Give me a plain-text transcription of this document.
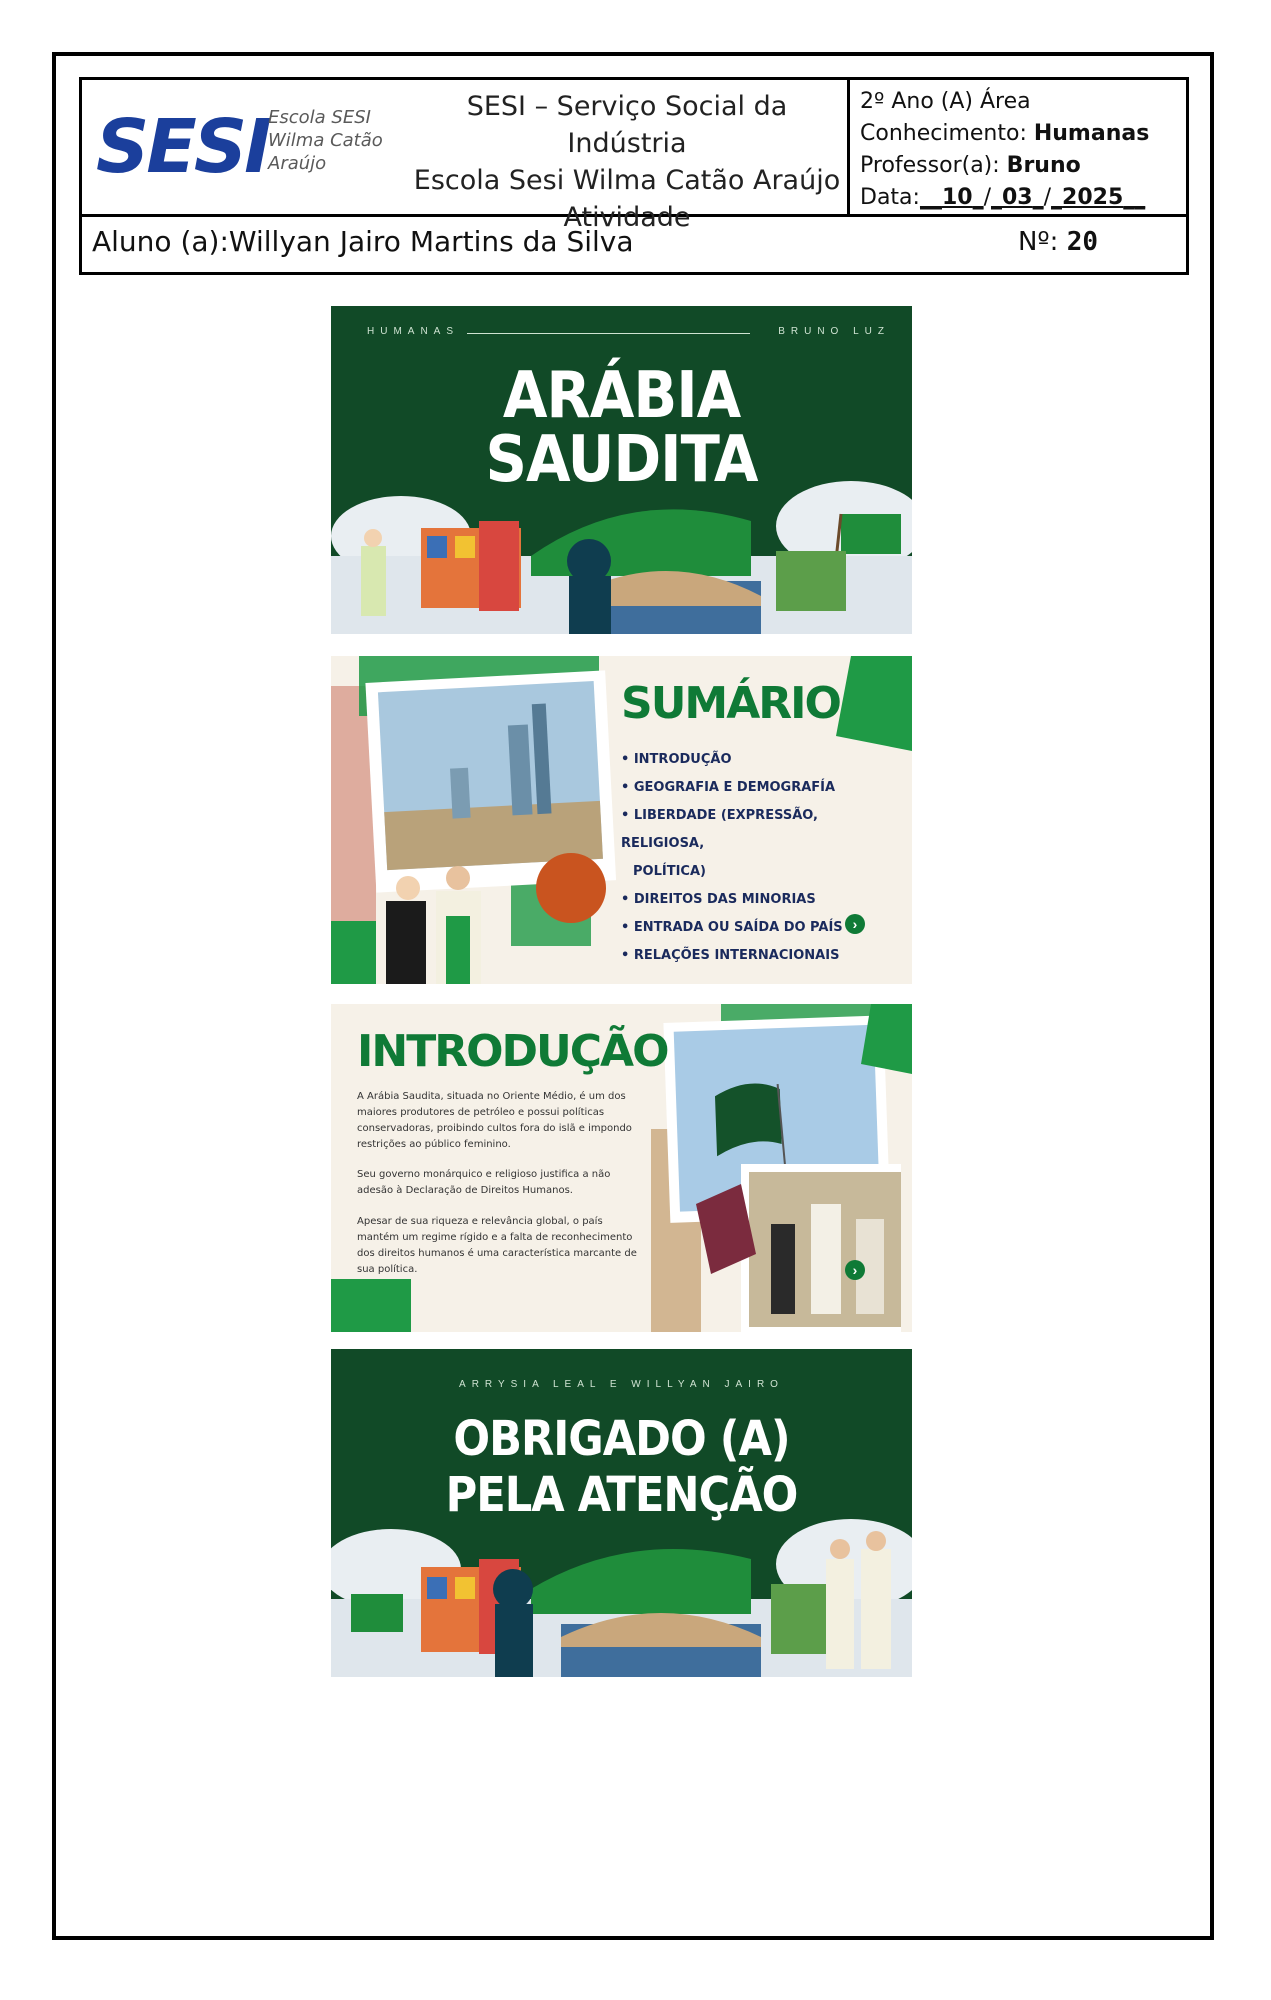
SESI Escola SESI
Wilma Catão
Araújo
SESI – Serviço Social da Indústria
Escola Sesi Wilma Catão Araújo
Atividade
2º Ano (A) Área
Conhecimento: Humanas
Professor(a): Bruno
Data:__10_/_03_/_2025__
Aluno (a):Willyan Jairo Martins da Silva	Nº: 20
HUMANAS	BRUNO LUZ
ARÁBIA
SAUDITA
SUMÁRIO
• INTRODUÇÃO
• GEOGRAFIA E DEMOGRAFÍA
• LIBERDADE (EXPRESSÃO, RELIGIOSA,
POLÍTICA)
• DIREITOS DAS MINORIAS
• ENTRADA OU SAÍDA DO PAÍS
• RELAÇÕES INTERNACIONAIS
›
INTRODUÇÃO

A Arábia Saudita, situada no Oriente Médio, é um dos maiores produtores de petróleo e possui políticas conservadoras, proibindo cultos fora do islã e impondo restrições ao público feminino.

Seu governo monárquico e religioso justifica a não adesão à Declaração de Direitos Humanos.

Apesar de sua riqueza e relevância global, o país mantém um regime rígido e a falta de reconhecimento dos direitos humanos é uma característica marcante de sua política.	›
ARRYSIA LEAL E WILLYAN JAIRO
OBRIGADO (A)
PELA ATENÇÃO
